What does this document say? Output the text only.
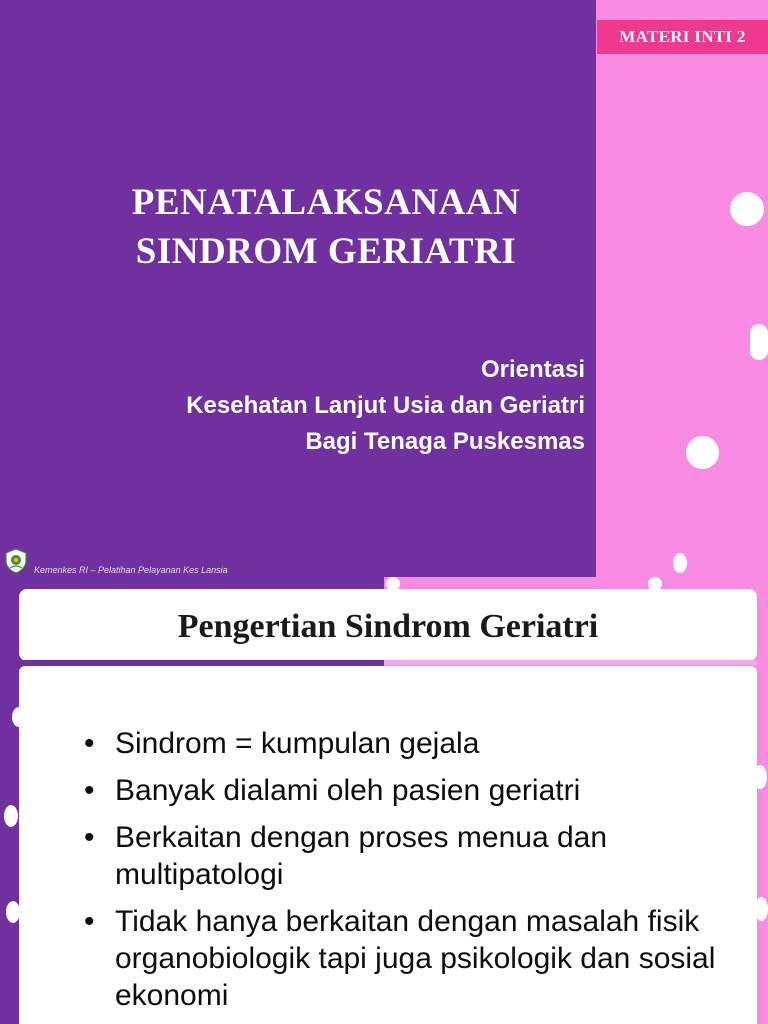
MATERI INTI 2
PENATALAKSANAAN
SINDROM GERIATRI
Orientasi
Kesehatan Lanjut Usia dan Geriatri
Bagi Tenaga Puskesmas
Kemenkes RI – Pelatihan Pelayanan Kes Lansia
Pengertian Sindrom Geriatri
• Sindrom = kumpulan gejala
• Banyak dialami oleh pasien geriatri
• Berkaitan dengan proses menua dan multipatologi
• Tidak hanya berkaitan dengan masalah fisik organobiologik tapi juga psikologik dan sosial ekonomi
